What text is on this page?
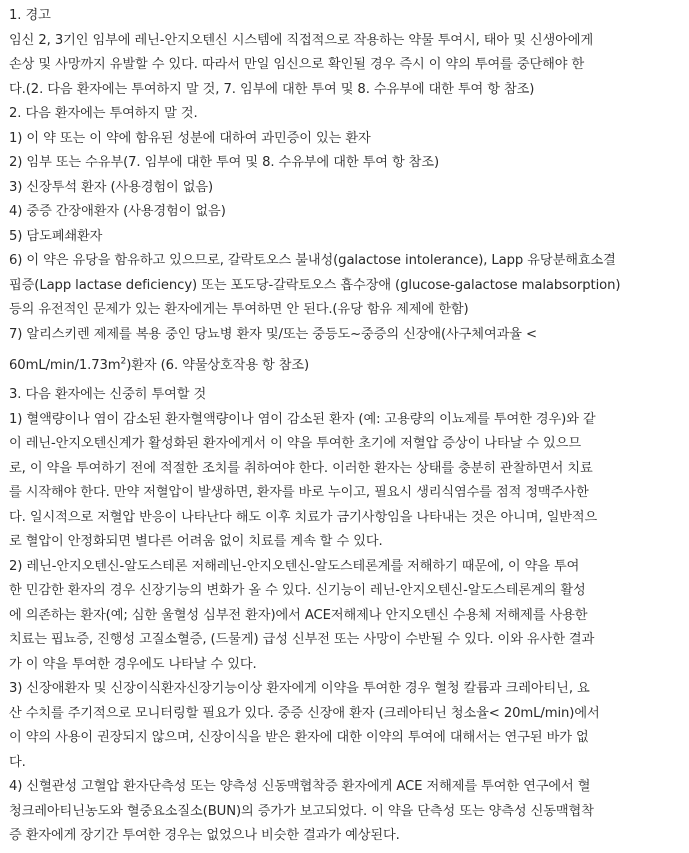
1. 경고
임신 2, 3기인 임부에 레닌-안지오텐신 시스템에 직접적으로 작용하는 약물 투여시, 태아 및 신생아에게
손상 및 사망까지 유발할 수 있다. 따라서 만일 임신으로 확인될 경우 즉시 이 약의 투여를 중단해야 한
다.(2. 다음 환자에는 투여하지 말 것, 7. 임부에 대한 투여 및 8. 수유부에 대한 투여 항 참조)
2. 다음 환자에는 투여하지 말 것.
1) 이 약 또는 이 약에 함유된 성분에 대하여 과민증이 있는 환자
2) 임부 또는 수유부(7. 임부에 대한 투여 및 8. 수유부에 대한 투여 항 참조)
3) 신장투석 환자 (사용경험이 없음)
4) 중증 간장애환자 (사용경험이 없음)
5) 담도폐쇄환자
6) 이 약은 유당을 함유하고 있으므로, 갈락토오스 불내성(galactose intolerance), Lapp 유당분해효소결
핍증(Lapp lactase deficiency) 또는 포도당-갈락토오스 흡수장애 (glucose-galactose malabsorption)
등의 유전적인 문제가 있는 환자에게는 투여하면 안 된다.(유당 함유 제제에 한함)
7) 알리스키렌 제제를 복용 중인 당뇨병 환자 및/또는 중등도~중증의 신장애(사구체여과율 <
$60mL/\min/1.73m^2$)환자 (6. 약물상호작용 항 참조)
3. 다음 환자에는 신중히 투여할 것
1) 혈액량이나 염이 감소된 환자혈액량이나 염이 감소된 환자 (예: 고용량의 이뇨제를 투여한 경우)와 같
이 레닌-안지오텐신계가 활성화된 환자에게서 이 약을 투여한 초기에 저혈압 증상이 나타날 수 있으므
로, 이 약을 투여하기 전에 적절한 조치를 취하여야 한다. 이러한 환자는 상태를 충분히 관찰하면서 치료
를 시작해야 한다. 만약 저혈압이 발생하면, 환자를 바로 누이고, 필요시 생리식염수를 점적 정맥주사한
다. 일시적으로 저혈압 반응이 나타난다 해도 이후 치료가 금기사항임을 나타내는 것은 아니며, 일반적으
로 혈압이 안정화되면 별다른 어려움 없이 치료를 계속 할 수 있다.
2) 레닌-안지오텐신-알도스테론 저해레닌-안지오텐신-알도스테론계를 저해하기 때문에, 이 약을 투여
한 민감한 환자의 경우 신장기능의 변화가 올 수 있다. 신기능이 레닌-안지오텐신-알도스테론계의 활성
에 의존하는 환자(예; 심한 울혈성 심부전 환자)에서 ACE저해제나 안지오텐신 수용체 저해제를 사용한
치료는 핍뇨증, 진행성 고질소혈증, (드물게) 급성 신부전 또는 사망이 수반될 수 있다. 이와 유사한 결과
가 이 약을 투여한 경우에도 나타날 수 있다.
3) 신장애환자 및 신장이식환자신장기능이상 환자에게 이약을 투여한 경우 혈청 칼륨과 크레아티닌, 요
산 수치를 주기적으로 모니터링할 필요가 있다. 중증 신장애 환자 (크레아티닌 청소율< 20mL/min)에서
이 약의 사용이 권장되지 않으며, 신장이식을 받은 환자에 대한 이약의 투여에 대해서는 연구된 바가 없
다.
4) 신혈관성 고혈압 환자단측성 또는 양측성 신동맥협착증 환자에게 ACE 저해제를 투여한 연구에서 혈
청크레아티닌농도와 혈중요소질소(BUN)의 증가가 보고되었다. 이 약을 단측성 또는 양측성 신동맥협착
증 환자에게 장기간 투여한 경우는 없었으나 비슷한 결과가 예상된다.
